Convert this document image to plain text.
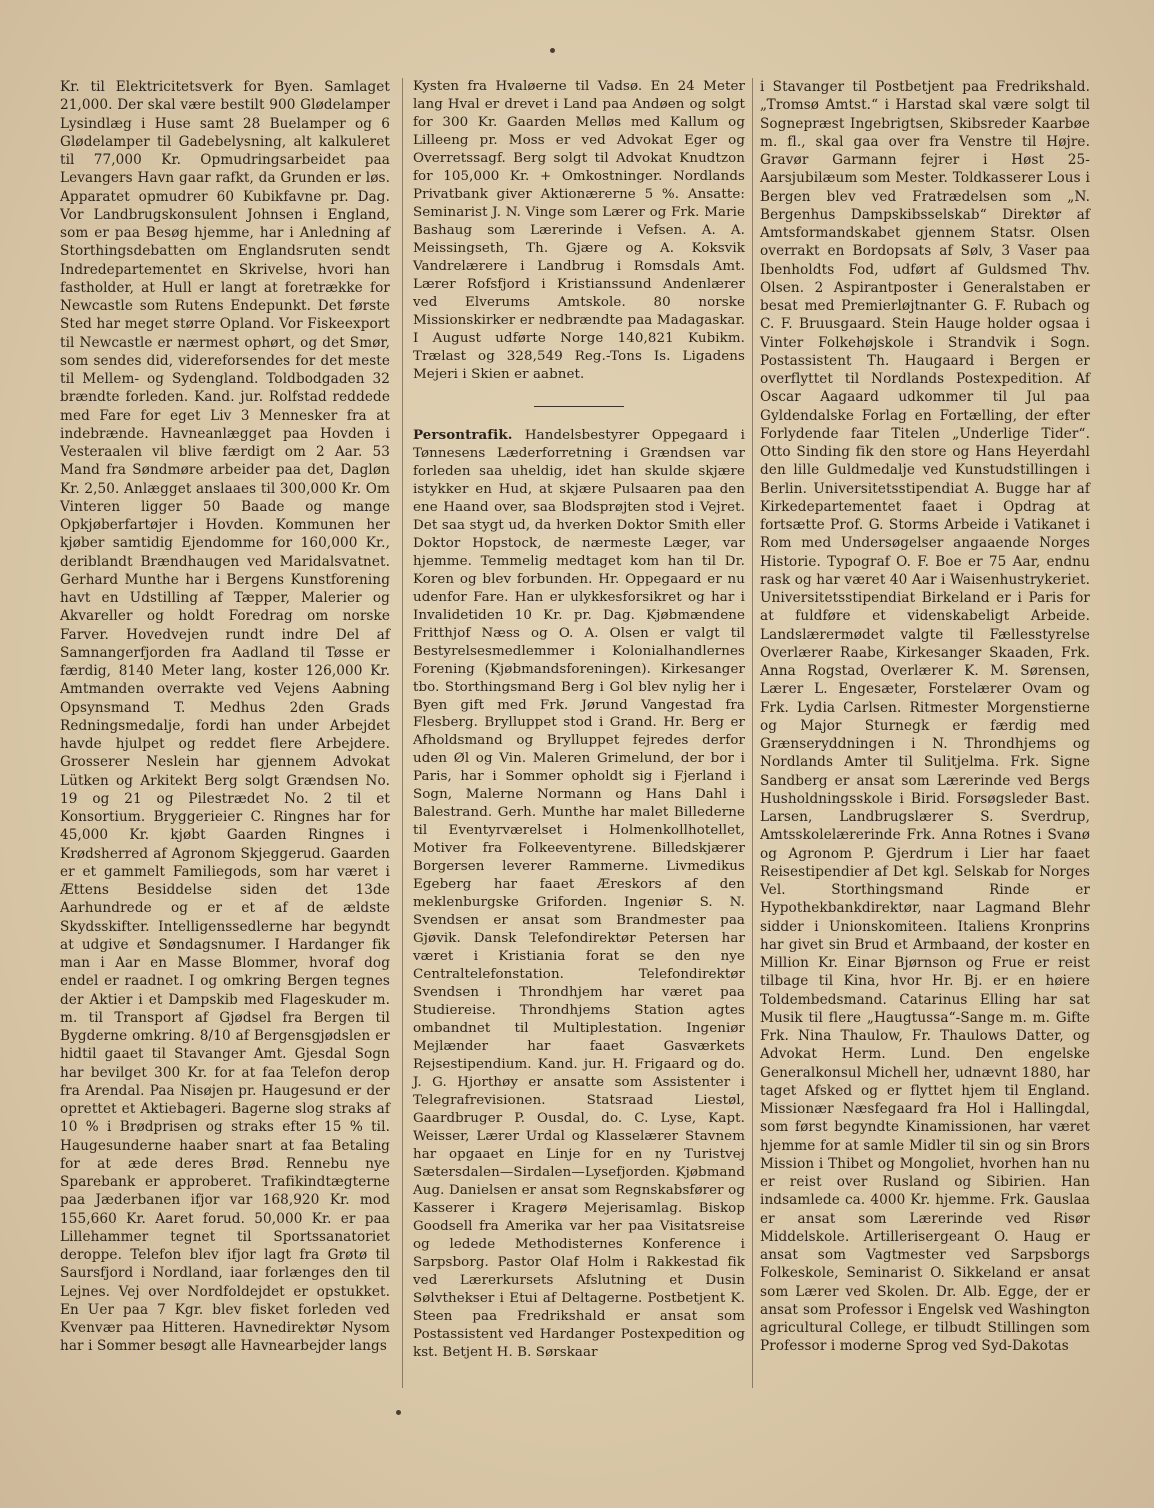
Kr. til Elektricitetsverk for Byen. Samlaget 21,000. Der skal være bestilt 900 Glødelamper Lysindlæg i Huse samt 28 Buelamper og 6 Glødelamper til Gadebelysning, alt kalkuleret til 77,000 Kr. Opmudringsarbeidet paa Levangers Havn gaar rafkt, da Grunden er løs. Apparatet opmudrer 60 Kubikfavne pr. Dag. Vor Landbrugskonsulent Johnsen i England, som er paa Besøg hjemme, har i Anledning af Storthingsdebatten om Englandsruten sendt Indredepartementet en Skrivelse, hvori han fastholder, at Hull er langt at foretrække for Newcastle som Rutens Endepunkt. Det første Sted har meget større Opland. Vor Fiskeexport til Newcastle er nærmest ophørt, og det Smør, som sendes did, videreforsendes for det meste til Mellem- og Sydengland. Toldbodgaden 32 brændte forleden. Kand. jur. Rolfstad reddede med Fare for eget Liv 3 Mennesker fra at indebrænde. Havneanlægget paa Hovden i Vesteraalen vil blive færdigt om 2 Aar. 53 Mand fra Søndmøre arbeider paa det, Dagløn Kr. 2,50. Anlægget anslaaes til 300,000 Kr. Om Vinteren ligger 50 Baade og mange Opkjøberfartøjer i Hovden. Kommunen her kjøber samtidig Ejendomme for 160,000 Kr., deriblandt Brændhaugen ved Maridalsvatnet. Gerhard Munthe har i Bergens Kunstforening havt en Udstilling af Tæpper, Malerier og Akvareller og holdt Foredrag om norske Farver. Hovedvejen rundt indre Del af Samnangerfjorden fra Aadland til Tøsse er færdig, 8140 Meter lang, koster 126,000 Kr. Amtmanden overrakte ved Vejens Aabning Opsynsmand T. Medhus 2den Grads Redningsmedalje, fordi han under Arbejdet havde hjulpet og reddet flere Arbejdere. Grosserer Neslein har gjennem Advokat Lütken og Arkitekt Berg solgt Grændsen No. 19 og 21 og Pilestrædet No. 2 til et Konsortium. Bryggerieier C. Ringnes har for 45,000 Kr. kjøbt Gaarden Ringnes i Krødsherred af Agronom Skjeggerud. Gaarden er et gammelt Familiegods, som har været i Ættens Besiddelse siden det 13de Aarhundrede og er et af de ældste Skydsskifter. Intelligenssedlerne har begyndt at udgive et Søndagsnumer. I Hardanger fik man i Aar en Masse Blommer, hvoraf dog endel er raadnet. I og omkring Bergen tegnes der Aktier i et Dampskib med Flageskuder m. m. til Transport af Gjødsel fra Bergen til Bygderne omkring. 8/10 af Bergensgjødslen er hidtil gaaet til Stavanger Amt. Gjesdal Sogn har bevilget 300 Kr. for at faa Telefon derop fra Arendal. Paa Nisøjen pr. Haugesund er der oprettet et Aktiebageri. Bagerne slog straks af 10 % i Brødprisen og straks efter 15 % til. Haugesunderne haaber snart at faa Betaling for at æde deres Brød. Rennebu nye Sparebank er approberet. Trafikindtægterne paa Jæderbanen ifjor var 168,920 Kr. mod 155,660 Kr. Aaret forud. 50,000 Kr. er paa Lillehammer tegnet til Sportssanatoriet deroppe. Telefon blev ifjor lagt fra Grøtø til Saursfjord i Nordland, iaar forlænges den til Lejnes. Vej over Nordfoldejdet er opstukket. En Uer paa 7 Kgr. blev fisket forleden ved Kvenvær paa Hitteren. Havnedirektør Nysom har i Sommer besøgt alle Havnearbejder langs

Kysten fra Hvaløerne til Vadsø. En 24 Meter lang Hval er drevet i Land paa Andøen og solgt for 300 Kr. Gaarden Melløs med Kallum og Lilleeng pr. Moss er ved Advokat Eger og Overretssagf. Berg solgt til Advokat Knudtzon for 105,000 Kr. + Omkostninger. Nordlands Privatbank giver Aktionærerne 5 %. Ansatte: Seminarist J. N. Vinge som Lærer og Frk. Marie Bashaug som Lærerinde i Vefsen. A. A. Meissingseth, Th. Gjære og A. Koksvik Vandrelærere i Landbrug i Romsdals Amt. Lærer Rofsfjord i Kristianssund Andenlærer ved Elverums Amtskole. 80 norske Missionskirker er nedbrændte paa Madagaskar. I August udførte Norge 140,821 Kubikm. Trælast og 328,549 Reg.-Tons Is. Ligadens Mejeri i Skien er aabnet.

Persontrafik. Handelsbestyrer Oppegaard i Tønnesens Læderforretning i Grændsen var forleden saa uheldig, idet han skulde skjære istykker en Hud, at skjære Pulsaaren paa den ene Haand over, saa Blodsprøjten stod i Vejret. Det saa stygt ud, da hverken Doktor Smith eller Doktor Hopstock, de nærmeste Læger, var hjemme. Temmelig medtaget kom han til Dr. Koren og blev forbunden. Hr. Oppegaard er nu udenfor Fare. Han er ulykkesforsikret og har i Invalidetiden 10 Kr. pr. Dag. Kjøbmændene Fritthjof Næss og O. A. Olsen er valgt til Bestyrelsesmedlemmer i Kolonialhandlernes Forening (Kjøbmandsforeningen). Kirkesanger tbo. Storthingsmand Berg i Gol blev nylig her i Byen gift med Frk. Jørund Vangestad fra Flesberg. Brylluppet stod i Grand. Hr. Berg er Afholdsmand og Brylluppet fejredes derfor uden Øl og Vin. Maleren Grimelund, der bor i Paris, har i Sommer opholdt sig i Fjerland i Sogn, Malerne Normann og Hans Dahl i Balestrand. Gerh. Munthe har malet Billederne til Eventyrværelset i Holmenkollhotellet, Motiver fra Folkeeventyrene. Billedskjærer Borgersen leverer Rammerne. Livmedikus Egeberg har faaet Æreskors af den meklenburgske Griforden. Ingeniør S. N. Svendsen er ansat som Brandmester paa Gjøvik. Dansk Telefondirektør Petersen har været i Kristiania forat se den nye Centraltelefonstation. Telefondirektør Svendsen i Throndhjem har været paa Studiereise. Throndhjems Station agtes ombandnet til Multiplestation. Ingeniør Mejlænder har faaet Gasværkets Rejsestipendium. Kand. jur. H. Frigaard og do. J. G. Hjorthøy er ansatte som Assistenter i Telegrafrevisionen. Statsraad Liestøl, Gaardbruger P. Ousdal, do. C. Lyse, Kapt. Weisser, Lærer Urdal og Klasselærer Stavnem har opgaaet en Linje for en ny Turistvej Sætersdalen—Sirdalen—Lysefjorden. Kjøbmand Aug. Danielsen er ansat som Regnskabsfører og Kasserer i Kragerø Mejerisamlag. Biskop Goodsell fra Amerika var her paa Visitatsreise og ledede Methodisternes Konference i Sarpsborg. Pastor Olaf Holm i Rakkestad fik ved Lærerkursets Afslutning et Dusin Sølvthekser i Etui af Deltagerne. Postbetjent K. Steen paa Fredrikshald er ansat som Postassistent ved Hardanger Postexpedition og kst. Betjent H. B. Sørskaar

i Stavanger til Postbetjent paa Fredrikshald. „Tromsø Amtst.“ i Harstad skal være solgt til Sognepræst Ingebrigtsen, Skibsreder Kaarbøe m. fl., skal gaa over fra Venstre til Højre. Gravør Garmann fejrer i Høst 25-Aarsjubilæum som Mester. Toldkasserer Lous i Bergen blev ved Fratrædelsen som „N. Bergenhus Dampskibsselskab“ Direktør af Amtsformandskabet gjennem Statsr. Olsen overrakt en Bordopsats af Sølv, 3 Vaser paa Ibenholdts Fod, udført af Guldsmed Thv. Olsen. 2 Aspirantposter i Generalstaben er besat med Premierløjtnanter G. F. Rubach og C. F. Bruusgaard. Stein Hauge holder ogsaa i Vinter Folkehøjskole i Strandvik i Sogn. Postassistent Th. Haugaard i Bergen er overflyttet til Nordlands Postexpedition. Af Oscar Aagaard udkommer til Jul paa Gyldendalske Forlag en Fortælling, der efter Forlydende faar Titelen „Underlige Tider“. Otto Sinding fik den store og Hans Heyerdahl den lille Guldmedalje ved Kunstudstillingen i Berlin. Universitetsstipendiat A. Bugge har af Kirkedepartementet faaet i Opdrag at fortsætte Prof. G. Storms Arbeide i Vatikanet i Rom med Undersøgelser angaaende Norges Historie. Typograf O. F. Boe er 75 Aar, endnu rask og har været 40 Aar i Waisenhustrykeriet. Universitetsstipendiat Birkeland er i Paris for at fuldføre et videnskabeligt Arbeide. Landslærermødet valgte til Fællesstyrelse Overlærer Raabe, Kirkesanger Skaaden, Frk. Anna Rogstad, Overlærer K. M. Sørensen, Lærer L. Engesæter, Forstelærer Ovam og Frk. Lydia Carlsen. Ritmester Morgenstierne og Major Sturnegk er færdig med Grænseryddningen i N. Throndhjems og Nordlands Amter til Sulitjelma. Frk. Signe Sandberg er ansat som Lærerinde ved Bergs Husholdningsskole i Birid. Forsøgsleder Bast. Larsen, Landbrugslærer S. Sverdrup, Amtsskolelærerinde Frk. Anna Rotnes i Svanø og Agronom P. Gjerdrum i Lier har faaet Reisestipendier af Det kgl. Selskab for Norges Vel. Storthingsmand Rinde er Hypothekbankdirektør, naar Lagmand Blehr sidder i Unionskomiteen. Italiens Kronprins har givet sin Brud et Armbaand, der koster en Million Kr. Einar Bjørnson og Frue er reist tilbage til Kina, hvor Hr. Bj. er en høiere Toldembedsmand. Catarinus Elling har sat Musik til flere „Haugtussa“-Sange m. m. Gifte Frk. Nina Thaulow, Fr. Thaulows Datter, og Advokat Herm. Lund. Den engelske Generalkonsul Michell her, udnævnt 1880, har taget Afsked og er flyttet hjem til England. Missionær Næsfegaard fra Hol i Hallingdal, som først begyndte Kinamissionen, har været hjemme for at samle Midler til sin og sin Brors Mission i Thibet og Mongoliet, hvorhen han nu er reist over Rusland og Sibirien. Han indsamlede ca. 4000 Kr. hjemme. Frk. Gauslaa er ansat som Lærerinde ved Risør Middelskole. Artillerisergeant O. Haug er ansat som Vagtmester ved Sarpsborgs Folkeskole, Seminarist O. Sikkeland er ansat som Lærer ved Skolen. Dr. Alb. Egge, der er ansat som Professor i Engelsk ved Washington agricultural College, er tilbudt Stillingen som Professor i moderne Sprog ved Syd-Dakotas
